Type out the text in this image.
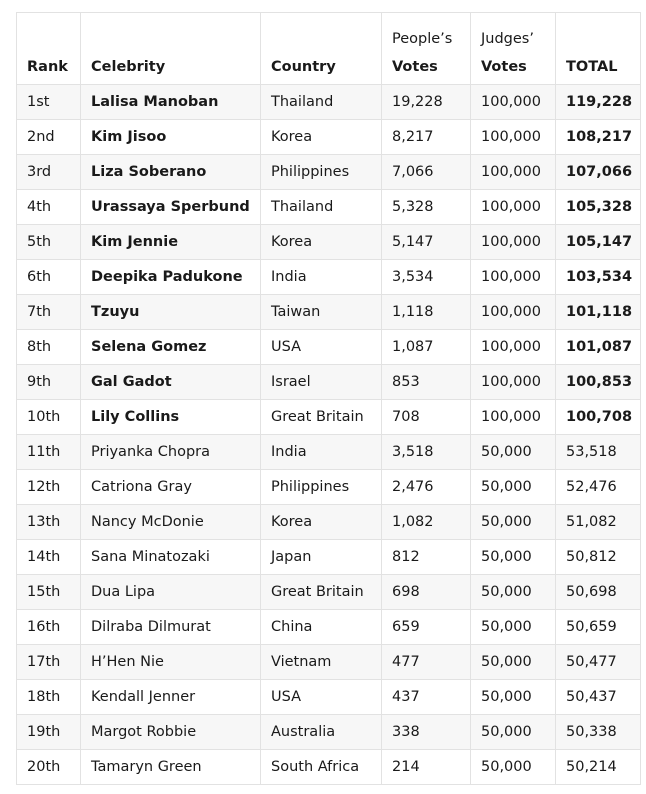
			People’s	Judges’	
Rank	Celebrity	Country	Votes	Votes	TOTAL
1st	Lalisa Manoban	Thailand	19,228	100,000	119,228
2nd	Kim Jisoo	Korea	8,217	100,000	108,217
3rd	Liza Soberano	Philippines	7,066	100,000	107,066
4th	Urassaya Sperbund	Thailand	5,328	100,000	105,328
5th	Kim Jennie	Korea	5,147	100,000	105,147
6th	Deepika Padukone	India	3,534	100,000	103,534
7th	Tzuyu	Taiwan	1,118	100,000	101,118
8th	Selena Gomez	USA	1,087	100,000	101,087
9th	Gal Gadot	Israel	853	100,000	100,853
10th	Lily Collins	Great Britain	708	100,000	100,708
11th	Priyanka Chopra	India	3,518	50,000	53,518
12th	Catriona Gray	Philippines	2,476	50,000	52,476
13th	Nancy McDonie	Korea	1,082	50,000	51,082
14th	Sana Minatozaki	Japan	812	50,000	50,812
15th	Dua Lipa	Great Britain	698	50,000	50,698
16th	Dilraba Dilmurat	China	659	50,000	50,659
17th	H’Hen Nie	Vietnam	477	50,000	50,477
18th	Kendall Jenner	USA	437	50,000	50,437
19th	Margot Robbie	Australia	338	50,000	50,338
20th	Tamaryn Green	South Africa	214	50,000	50,214
